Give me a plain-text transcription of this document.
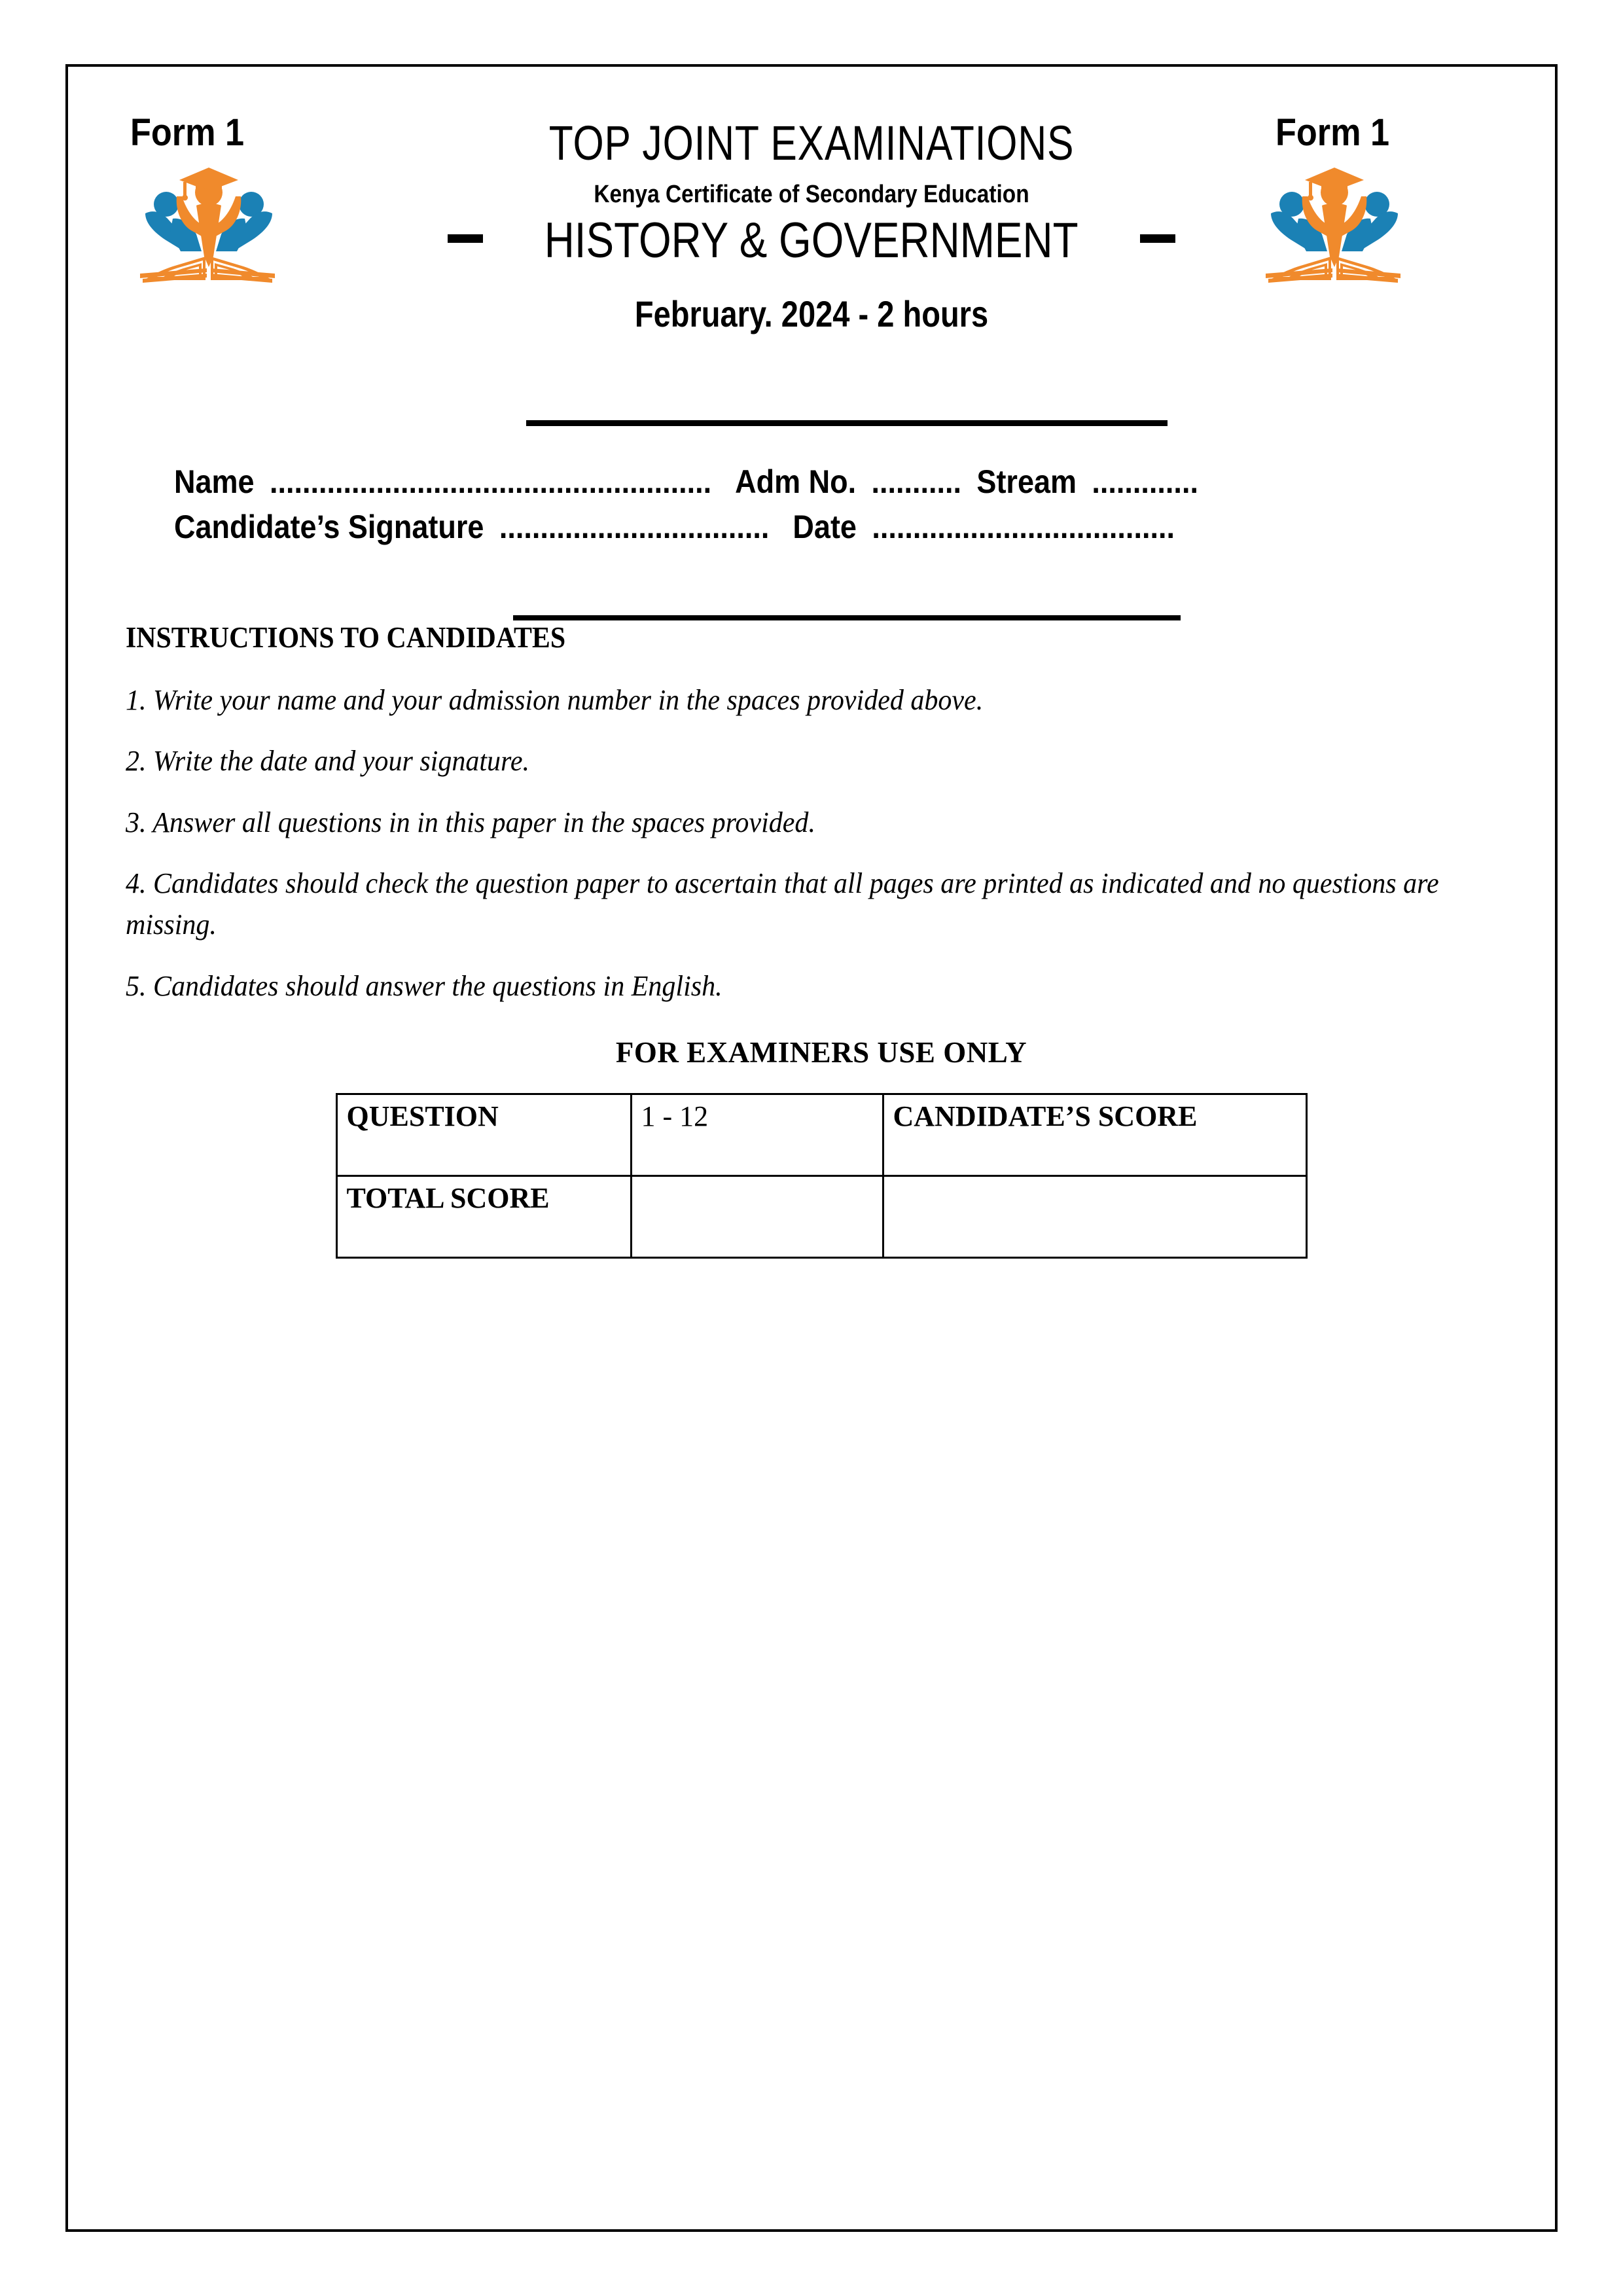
TOP JOINT EXAMINATIONS
Kenya Certificate of Secondary Education
HISTORY & GOVERNMENT
February. 2024 - 2 hours
Form 1	Form 1
Name ...................................................... Adm No. ........... Stream .............
Candidate’s Signature ................................. Date .....................................
INSTRUCTIONS TO CANDIDATES
1. Write your name and your admission number in the spaces provided above.
2. Write the date and your signature.
3. Answer all questions in in this paper in the spaces provided.
4. Candidates should check the question paper to ascertain that all pages are printed as indicated and no questions are missing.
5. Candidates should answer the questions in English.
FOR EXAMINERS USE ONLY
QUESTION	1 - 12	CANDIDATE’S SCORE
TOTAL SCORE		
